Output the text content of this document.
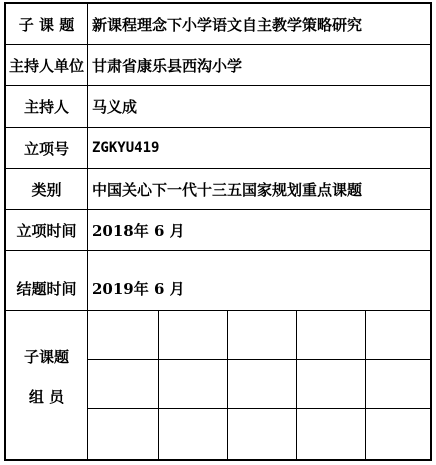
子 课 题	新课程理念下小学语文自主教学策略研究
主持人单位 甘肃省康乐县西沟小学
主持人	马义成
立项号	ZGKYU419
类别	中国关心下一代十三五国家规划重点课题
立项时间	2018年 6 月
结题时间	2019年 6 月
子课题
组 员
